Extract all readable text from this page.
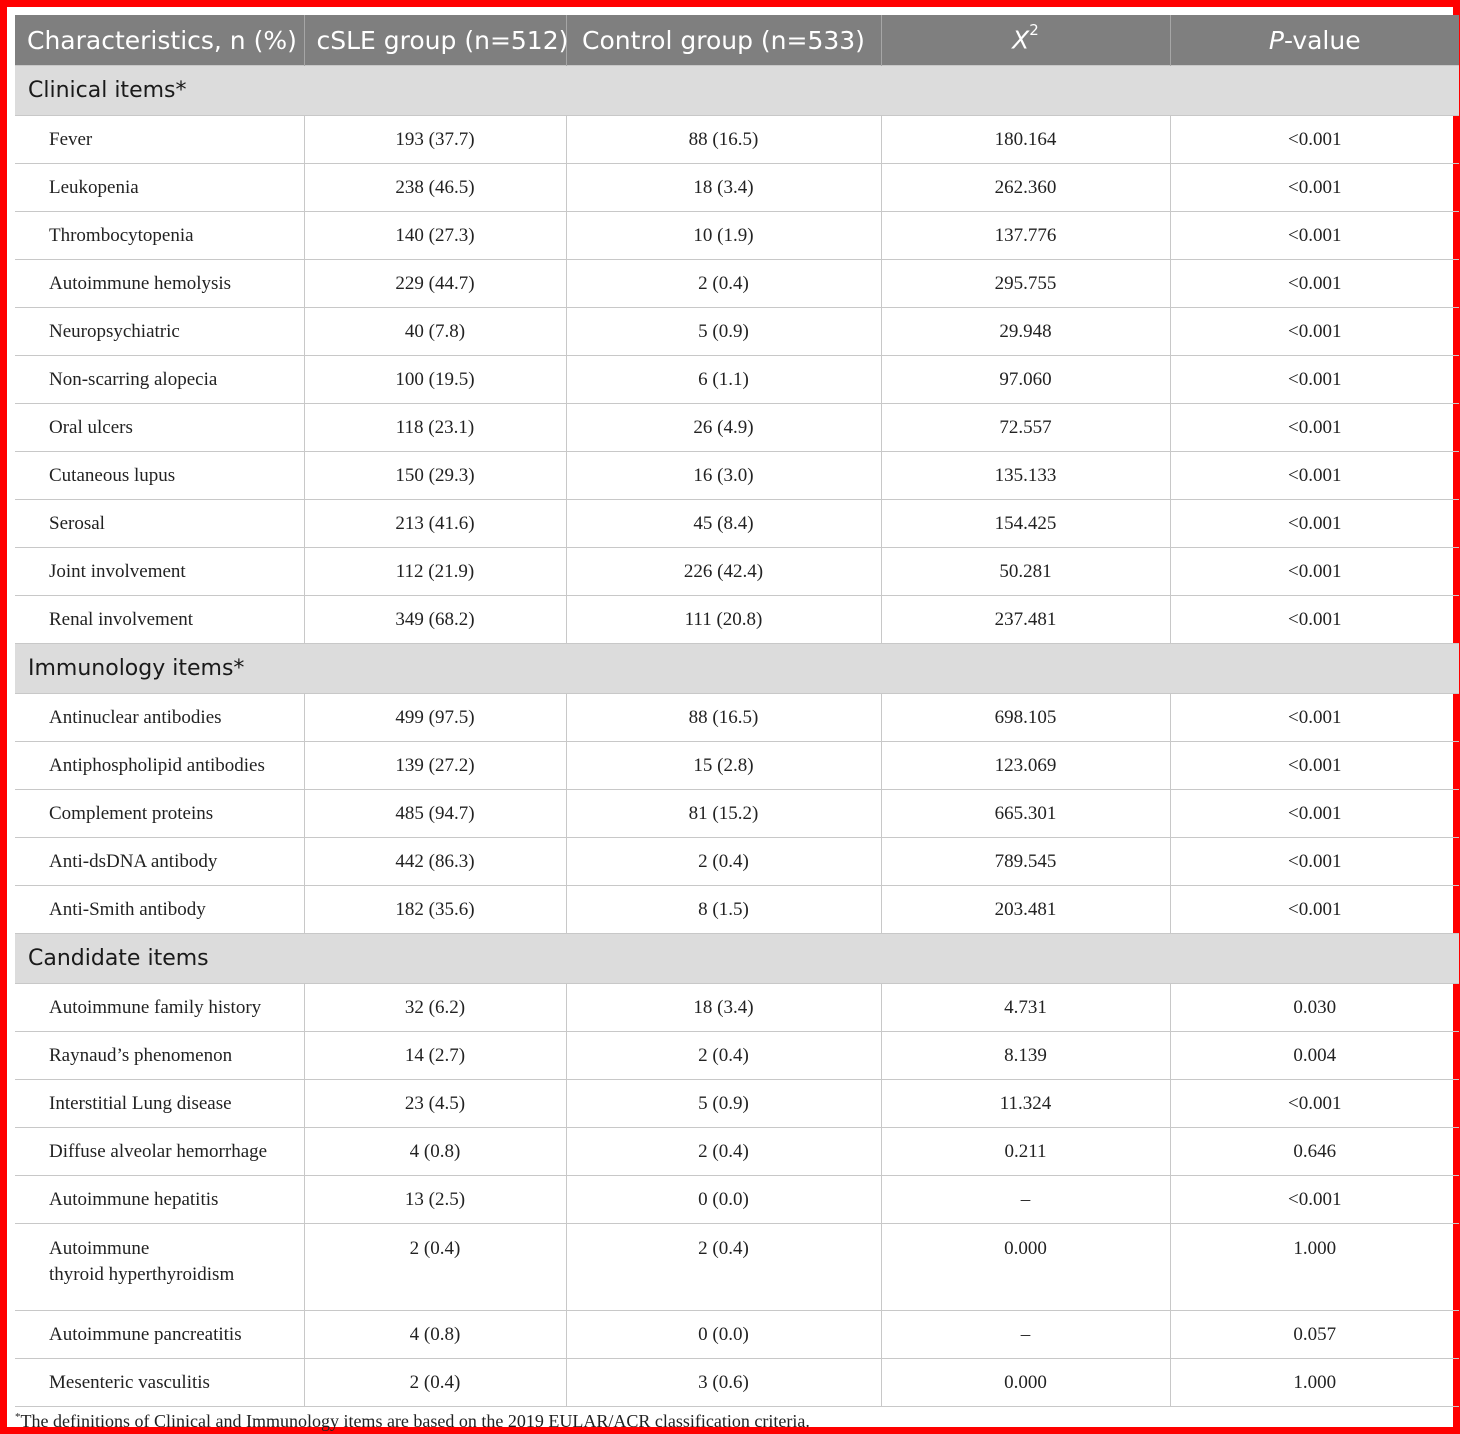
Characteristics, n (%)	cSLE group (n=512)	Control group (n=533)	$X^2$	P-value
Clinical items*				
Fever	193 (37.7)	88 (16.5)	180.164	<0.001
Leukopenia	238 (46.5)	18 (3.4)	262.360	<0.001
Thrombocytopenia	140 (27.3)	10 (1.9)	137.776	<0.001
Autoimmune hemolysis	229 (44.7)	2 (0.4)	295.755	<0.001
Neuropsychiatric	40 (7.8)	5 (0.9)	29.948	<0.001
Non-scarring alopecia	100 (19.5)	6 (1.1)	97.060	<0.001
Oral ulcers	118 (23.1)	26 (4.9)	72.557	<0.001
Cutaneous lupus	150 (29.3)	16 (3.0)	135.133	<0.001
Serosal	213 (41.6)	45 (8.4)	154.425	<0.001
Joint involvement	112 (21.9)	226 (42.4)	50.281	<0.001
Renal involvement	349 (68.2)	111 (20.8)	237.481	<0.001
Immunology items*				
Antinuclear antibodies	499 (97.5)	88 (16.5)	698.105	<0.001
Antiphospholipid antibodies	139 (27.2)	15 (2.8)	123.069	<0.001
Complement proteins	485 (94.7)	81 (15.2)	665.301	<0.001
Anti-dsDNA antibody	442 (86.3)	2 (0.4)	789.545	<0.001
Anti-Smith antibody	182 (35.6)	8 (1.5)	203.481	<0.001
Candidate items				
Autoimmune family history	32 (6.2)	18 (3.4)	4.731	0.030
Raynaud’s phenomenon	14 (2.7)	2 (0.4)	8.139	0.004
Interstitial Lung disease	23 (4.5)	5 (0.9)	11.324	<0.001
Diffuse alveolar hemorrhage	4 (0.8)	2 (0.4)	0.211	0.646
Autoimmune hepatitis	13 (2.5)	0 (0.0)	–	<0.001

Autoimmune
thyroid hyperthyroidism	2 (0.4)	2 (0.4)	0.000	1.000
Autoimmune pancreatitis	4 (0.8)	0 (0.0)	–	0.057
Mesenteric vasculitis	2 (0.4)	3 (0.6)	0.000	1.000
*The definitions of Clinical and Immunology items are based on the 2019 EULAR/ACR classification criteria.
